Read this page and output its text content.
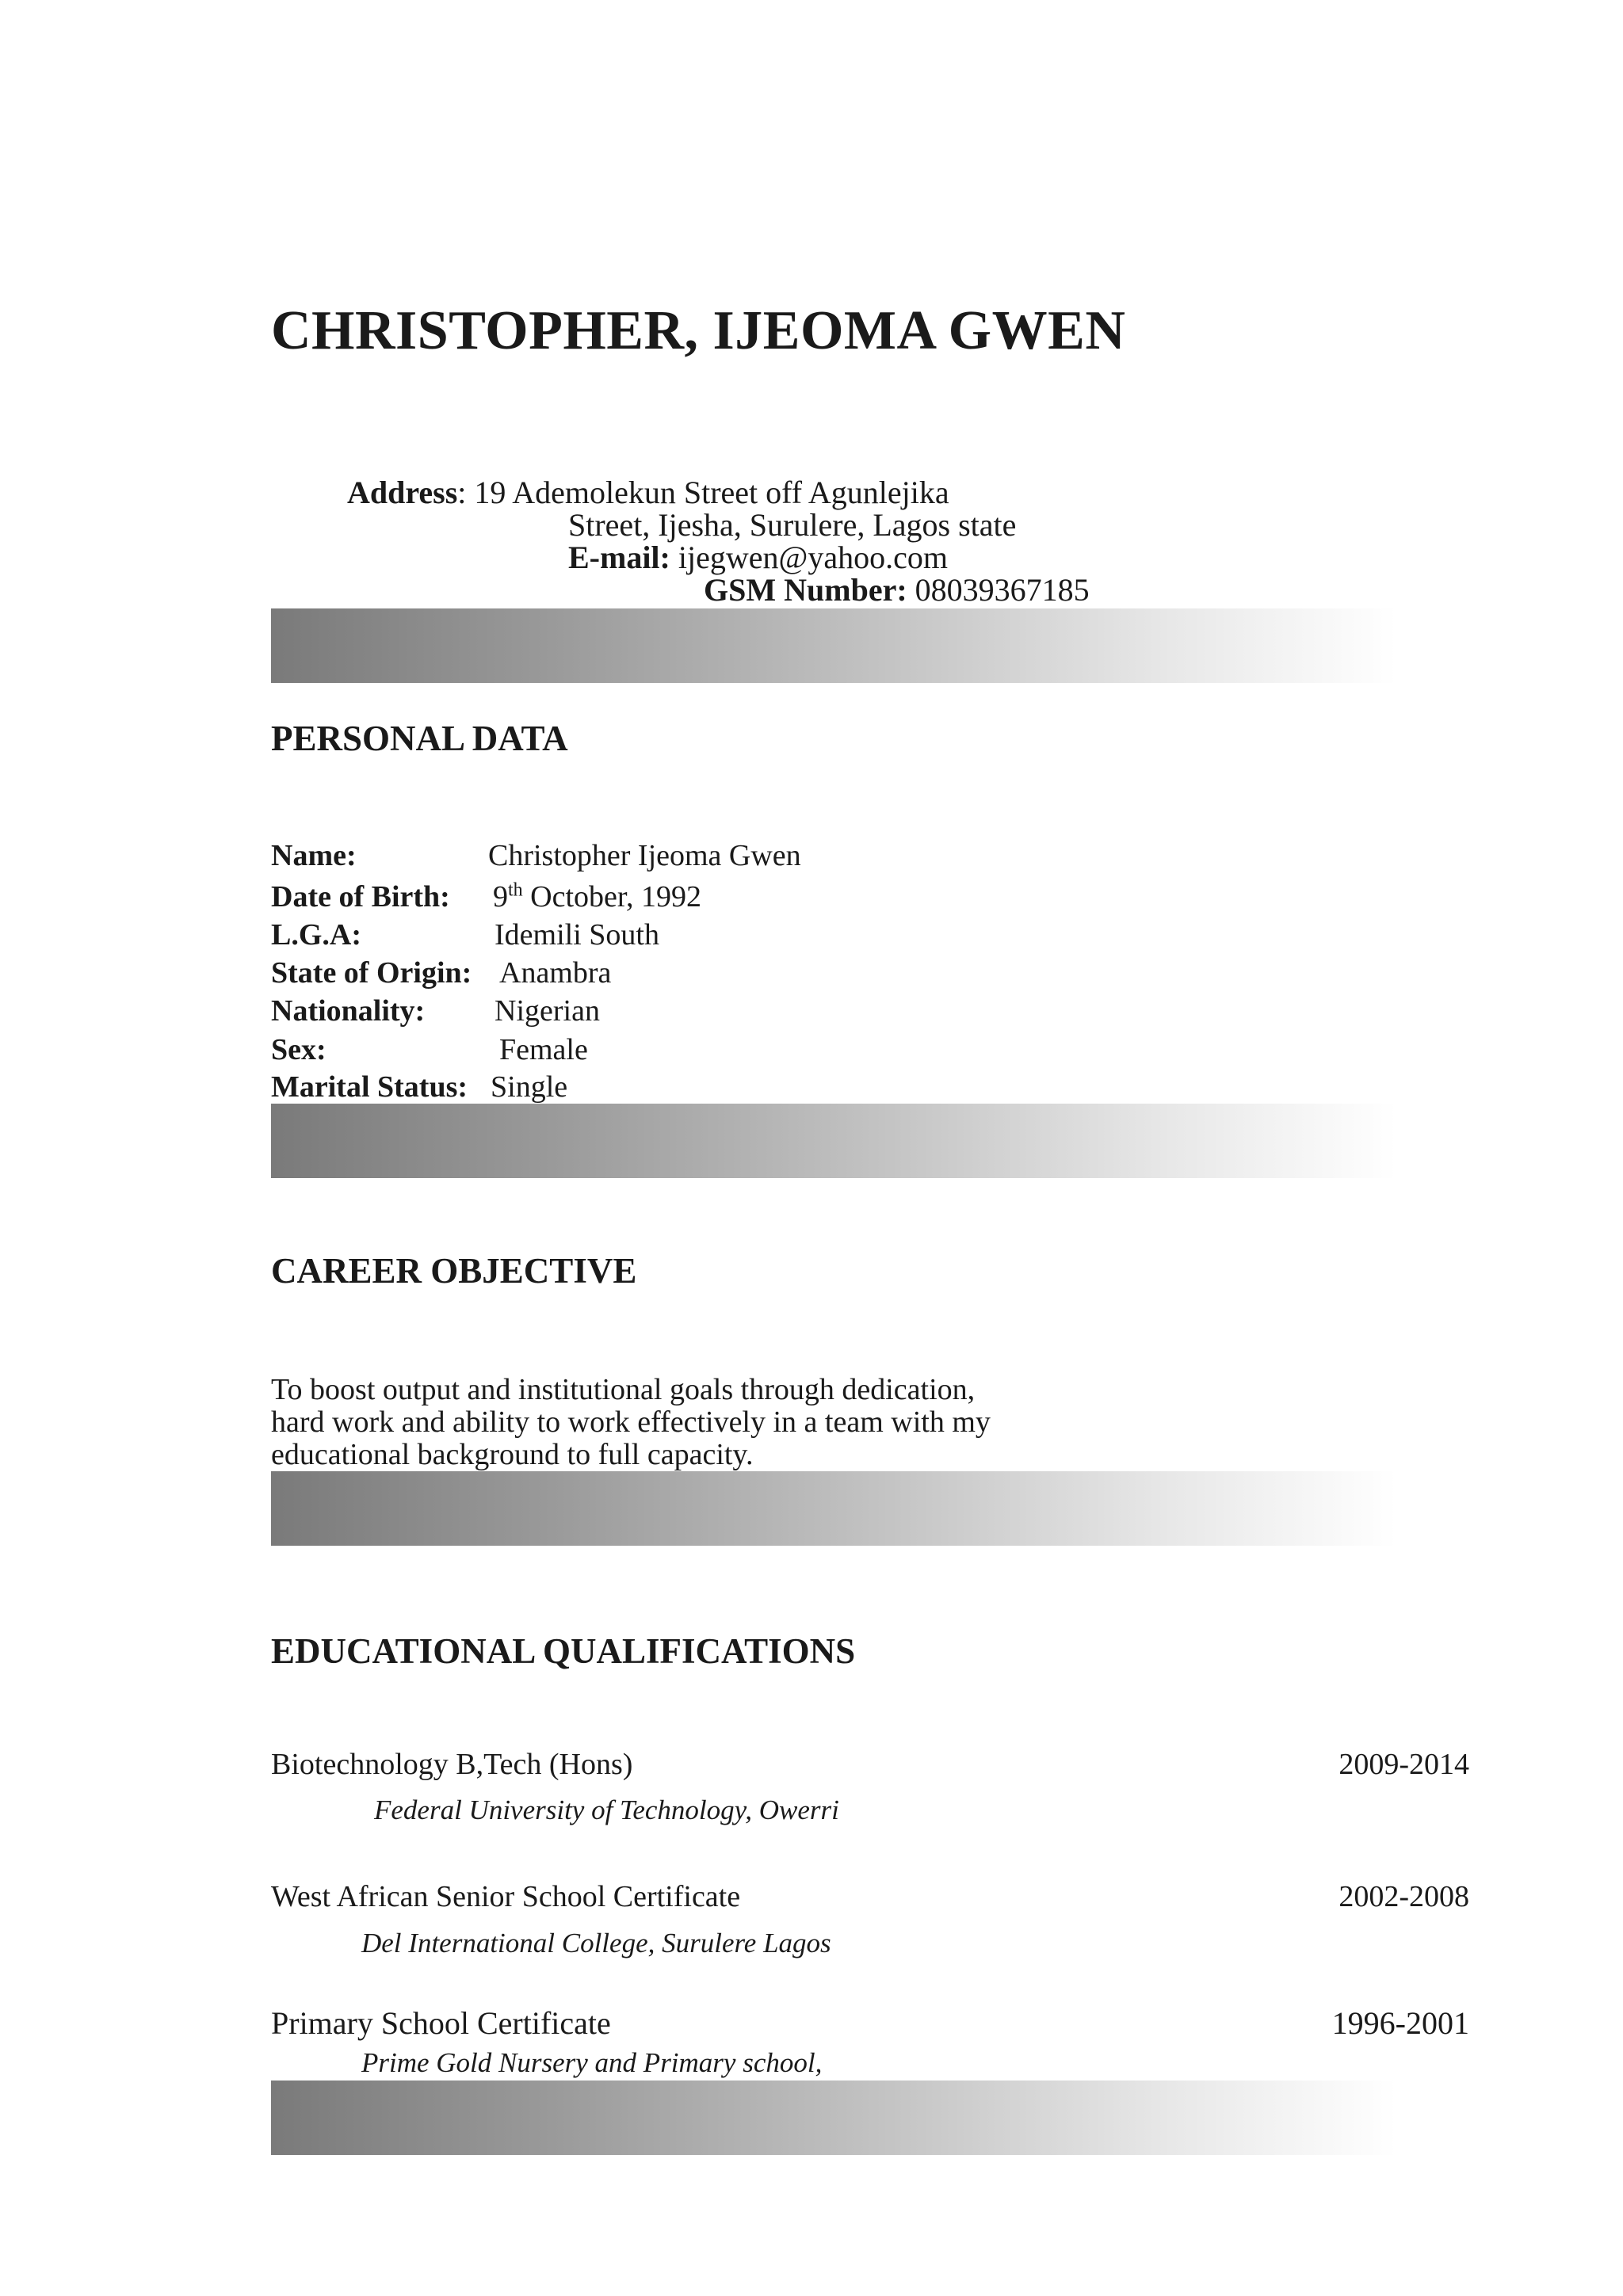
CHRISTOPHER, IJEOMA GWEN
Address: 19 Ademolekun Street off Agunlejika
Street, Ijesha, Surulere, Lagos state
E-mail: ijegwen@yahoo.com
GSM Number: 08039367185
PERSONAL DATA
Name:	Christopher Ijeoma Gwen
Date of Birth: 9th October, 1992
L.G.A:	Idemili South
State of Origin: Anambra
Nationality: Nigerian
Sex:	Female
Marital Status: Single
CAREER OBJECTIVE
To boost output and institutional goals through dedication, hard work and ability to work effectively in a team with my educational background to full capacity.
EDUCATIONAL QUALIFICATIONS
Biotechnology B,Tech (Hons)	2009-2014
Federal University of Technology, Owerri
West African Senior School Certificate	2002-2008
Del International College, Surulere Lagos
Primary School Certificate	1996-2001
Prime Gold Nursery and Primary school,
